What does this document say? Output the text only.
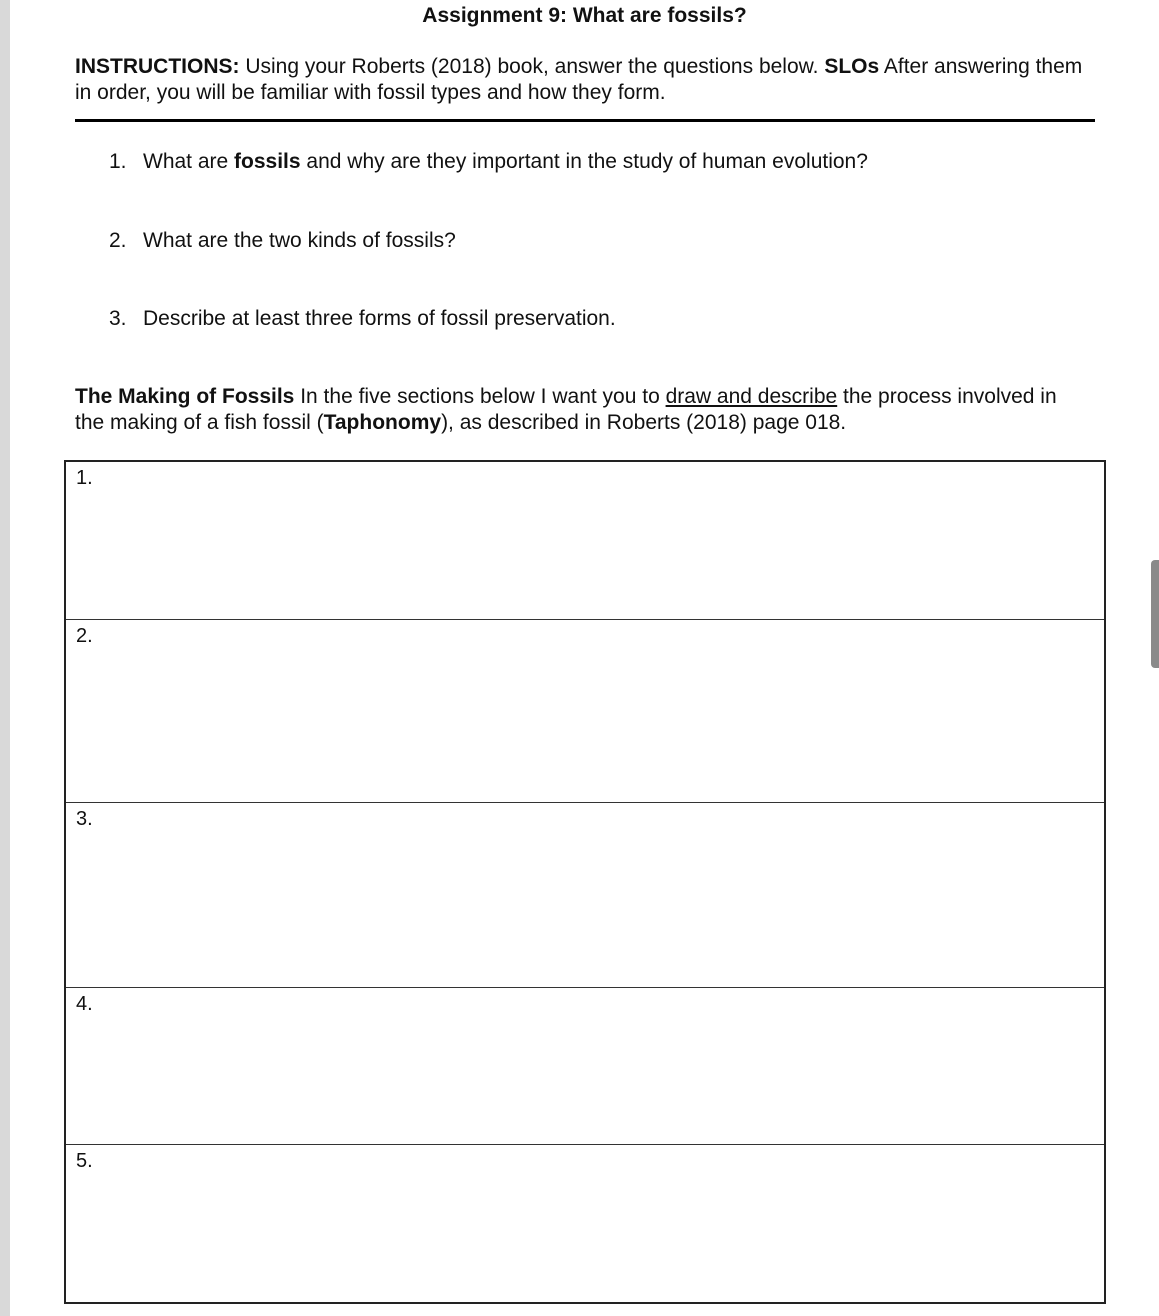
Assignment 9: What are fossils?
INSTRUCTIONS: Using your Roberts (2018) book, answer the questions below. SLOs After answering them in order, you will be familiar with fossil types and how they form.
1. What are fossils and why are they important in the study of human evolution?
2. What are the two kinds of fossils?
3. Describe at least three forms of fossil preservation.
The Making of Fossils In the five sections below I want you to draw and describe the process involved in the making of a fish fossil (Taphonomy), as described in Roberts (2018) page 018.
1.
2.
3.
4.
5.
